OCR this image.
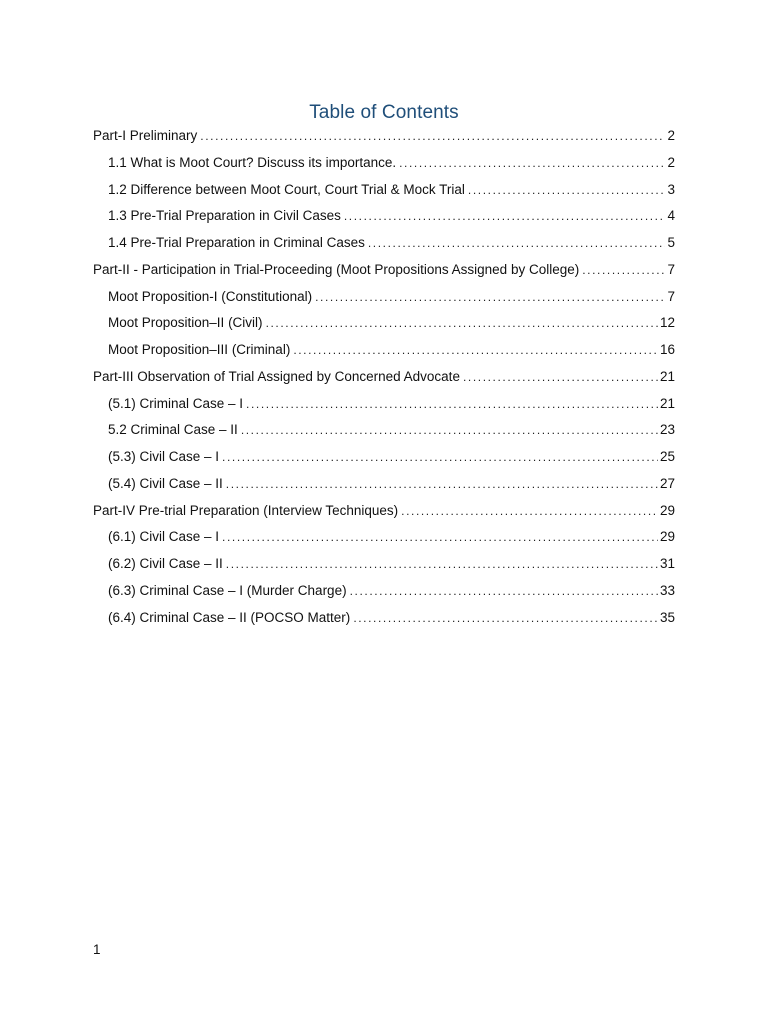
Table of Contents
Part-I Preliminary .....	2
1.1 What is Moot Court? Discuss its importance. .....	2
1.2 Difference between Moot Court, Court Trial & Mock Trial .....	3
1.3 Pre-Trial Preparation in Civil Cases .....	4
1.4 Pre-Trial Preparation in Criminal Cases .....	5
Part-II - Participation in Trial-Proceeding (Moot Propositions Assigned by College) .....	7
Moot Proposition-I (Constitutional) .....	7
Moot Proposition–II (Civil) .....	12
Moot Proposition–III (Criminal) .....	16
Part-III Observation of Trial Assigned by Concerned Advocate .....	21
(5.1) Criminal Case – I .....	21
5.2 Criminal Case – II .....	23
(5.3) Civil Case – I .....	25
(5.4) Civil Case – II .....	27
Part-IV Pre-trial Preparation (Interview Techniques) .....	29
(6.1) Civil Case – I .....	29
(6.2) Civil Case – II .....	31
(6.3) Criminal Case – I (Murder Charge) .....	33
(6.4) Criminal Case – II (POCSO Matter) .....	35
1
